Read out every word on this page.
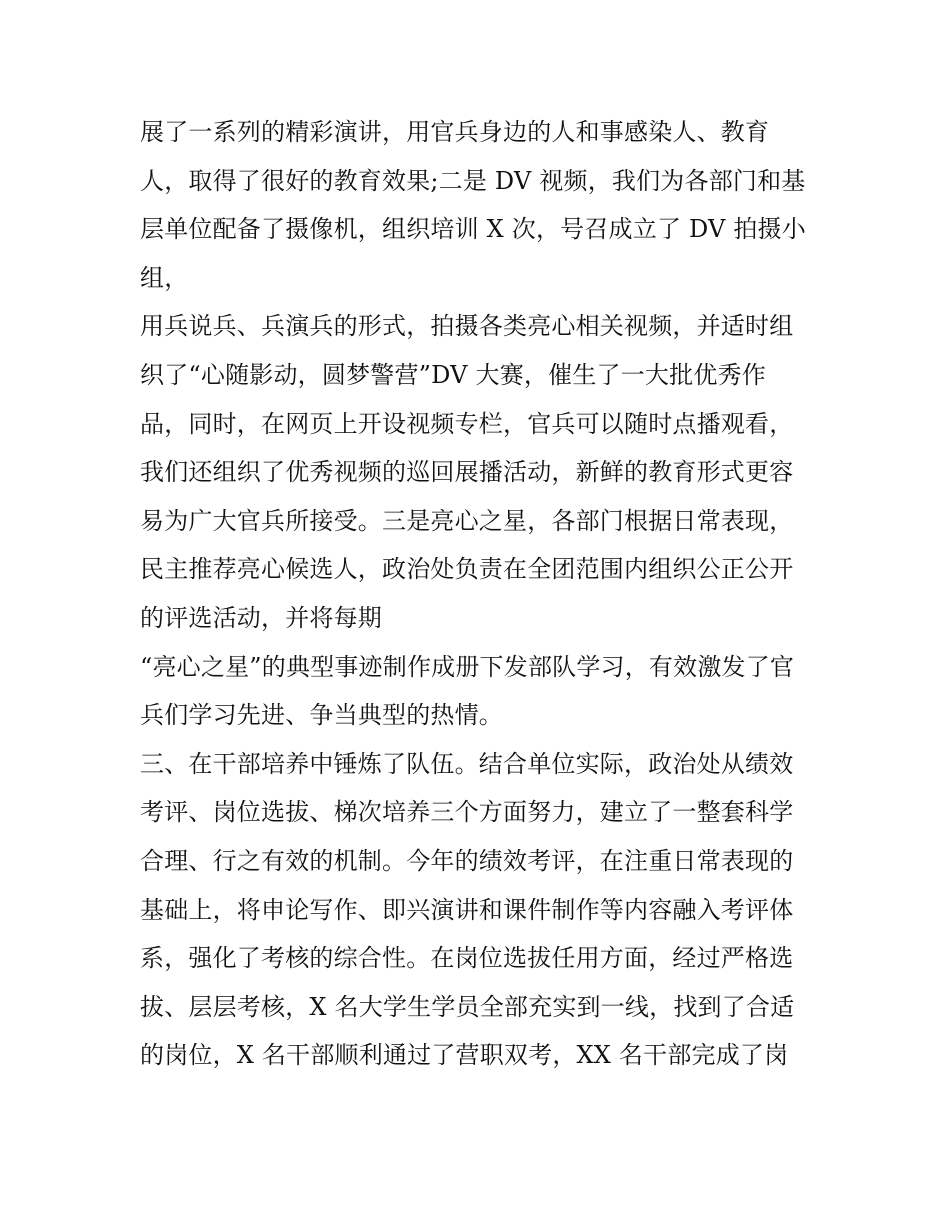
展了一系列的精彩演讲，用官兵身边的人和事感染人、教育
人，取得了很好的教育效果;二是 DV 视频，我们为各部门和基
层单位配备了摄像机，组织培训 X 次，号召成立了 DV 拍摄小
组，
用兵说兵、兵演兵的形式，拍摄各类亮心相关视频，并适时组
织了“心随影动，圆梦警营”DV 大赛，催生了一大批优秀作
品，同时，在网页上开设视频专栏，官兵可以随时点播观看，
我们还组织了优秀视频的巡回展播活动，新鲜的教育形式更容
易为广大官兵所接受。三是亮心之星，各部门根据日常表现，
民主推荐亮心候选人，政治处负责在全团范围内组织公正公开
的评选活动，并将每期
“亮心之星”的典型事迹制作成册下发部队学习，有效激发了官
兵们学习先进、争当典型的热情。
三、在干部培养中锤炼了队伍。结合单位实际，政治处从绩效
考评、岗位选拔、梯次培养三个方面努力，建立了一整套科学
合理、行之有效的机制。今年的绩效考评，在注重日常表现的
基础上，将申论写作、即兴演讲和课件制作等内容融入考评体
系，强化了考核的综合性。在岗位选拔任用方面，经过严格选
拔、层层考核，X 名大学生学员全部充实到一线，找到了合适
的岗位，X 名干部顺利通过了营职双考，XX 名干部完成了岗
